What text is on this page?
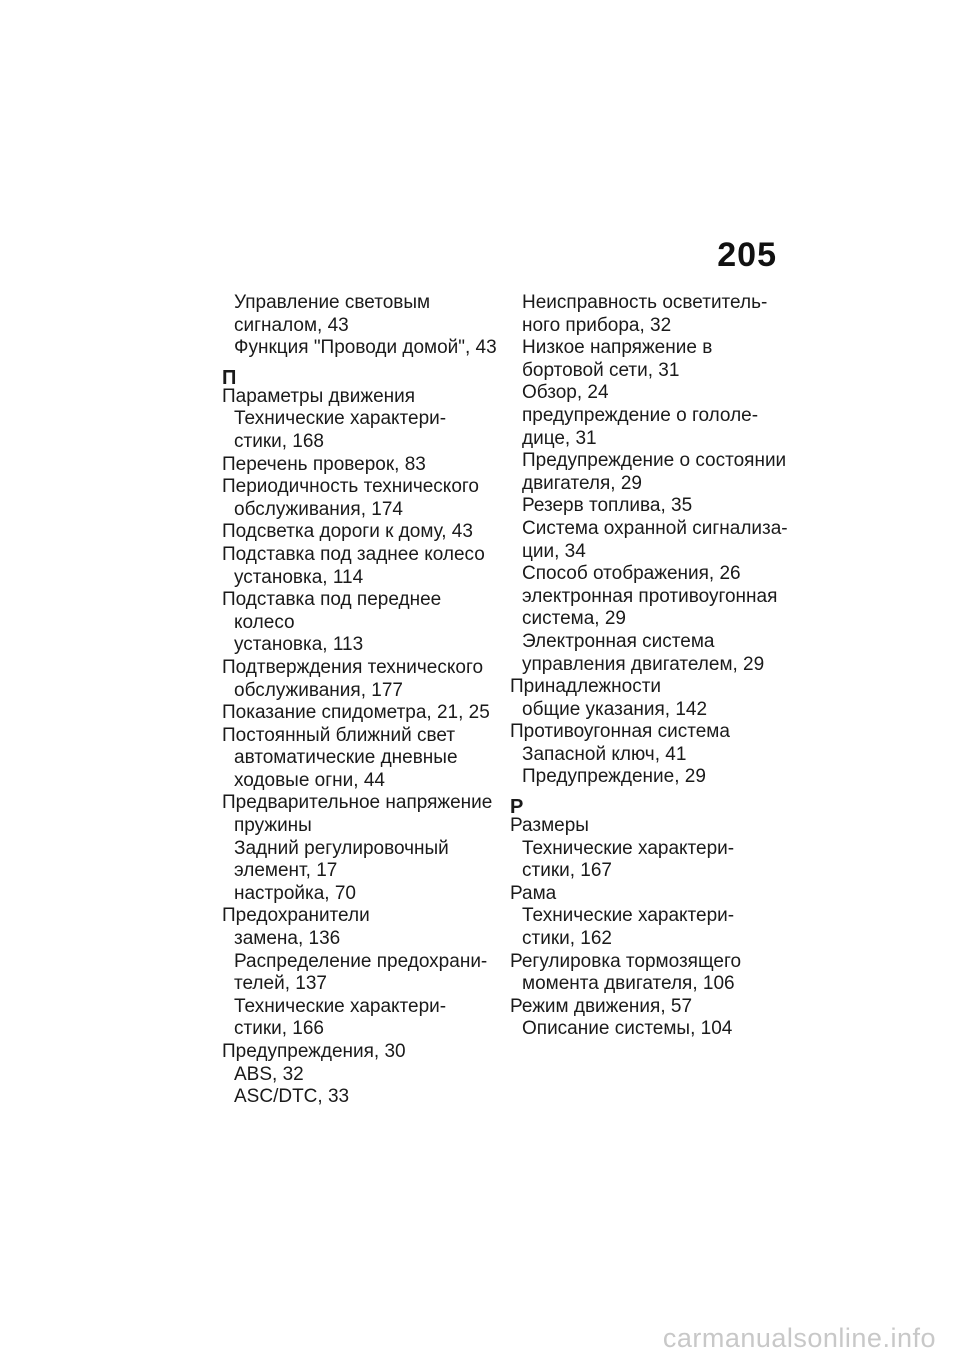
205
Управление световым
сигналом, 43
Функция "Проводи домой", 43
П
Параметры движения
Технические характери-
стики, 168
Перечень проверок, 83
Периодичность технического
обслуживания, 174
Подсветка дороги к дому, 43
Подставка под заднее колесо
установка, 114
Подставка под переднее
колесо
установка, 113
Подтверждения технического
обслуживания, 177
Показание спидометра, 21, 25
Постоянный ближний свет
автоматические дневные
ходовые огни, 44
Предварительное напряжение
пружины
Задний регулировочный
элемент, 17
настройка, 70
Предохранители
замена, 136
Распределение предохрани-
телей, 137
Технические характери-
стики, 166
Предупреждения, 30
ABS, 32
ASC/DTC, 33
Неисправность осветитель-
ного прибора, 32
Низкое напряжение в
бортовой сети, 31
Обзор, 24
предупреждение о гололе-
дице, 31
Предупреждение о состоянии
двигателя, 29
Резерв топлива, 35
Система охранной сигнализа-
ции, 34
Способ отображения, 26
электронная противоугонная
система, 29
Электронная система
управления двигателем, 29
Принадлежности
общие указания, 142
Противоугонная система
Запасной ключ, 41
Предупреждение, 29
Р
Размеры
Технические характери-
стики, 167
Рама
Технические характери-
стики, 162
Регулировка тормозящего
момента двигателя, 106
Режим движения, 57
Описание системы, 104
carmanualsonline.info
